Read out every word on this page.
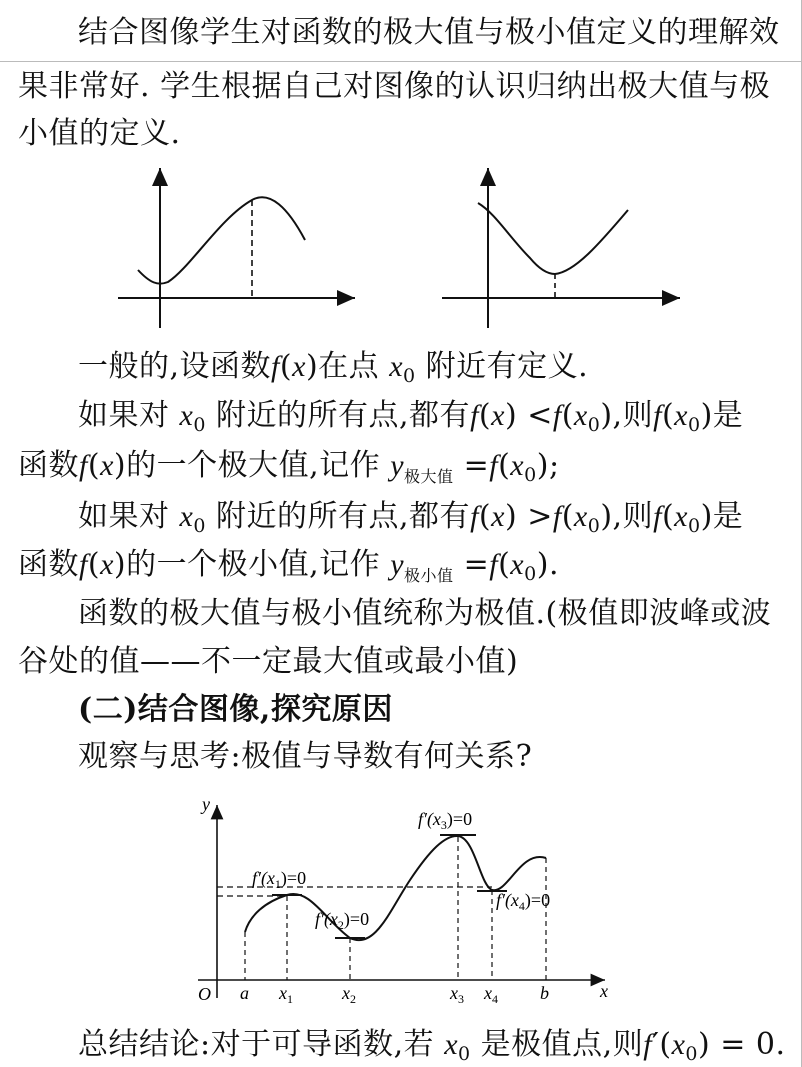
结合图像学生对函数的极大值与极小值定义的理解效
果非常好. 学生根据自己对图像的认识归纳出极大值与极
小值的定义.
一般的,设函数f(x)在点 $x_0$ 附近有定义.
如果对 $x_0$ 附近的所有点,都有$f(x) <f(x_0)$,则$f(x_0)$是
函数f(x)的一个极大值,记作 $y_{极大值} =f(x_0)$;
如果对 $x_0$ 附近的所有点,都有$f(x) >f(x_0)$,则$f(x_0)$是
函数f(x)的一个极小值,记作 $y_{极小值} =f(x_0)$.
函数的极大值与极小值统称为极值.(极值即波峰或波
谷处的值——不一定最大值或最小值)
(二)结合图像,探究原因
观察与思考:极值与导数有何关系?
y
x
O a	b
$x_1$	$x_2$	$x_3$ $x_4$
$f'(x_1)=0$
$f'(x_2)=0$
$f'(x_3)=0$
$f'(x_4)=0$
总结结论:对于可导函数,若 $x_0$ 是极值点,则$f'(x_0) = 0$.
